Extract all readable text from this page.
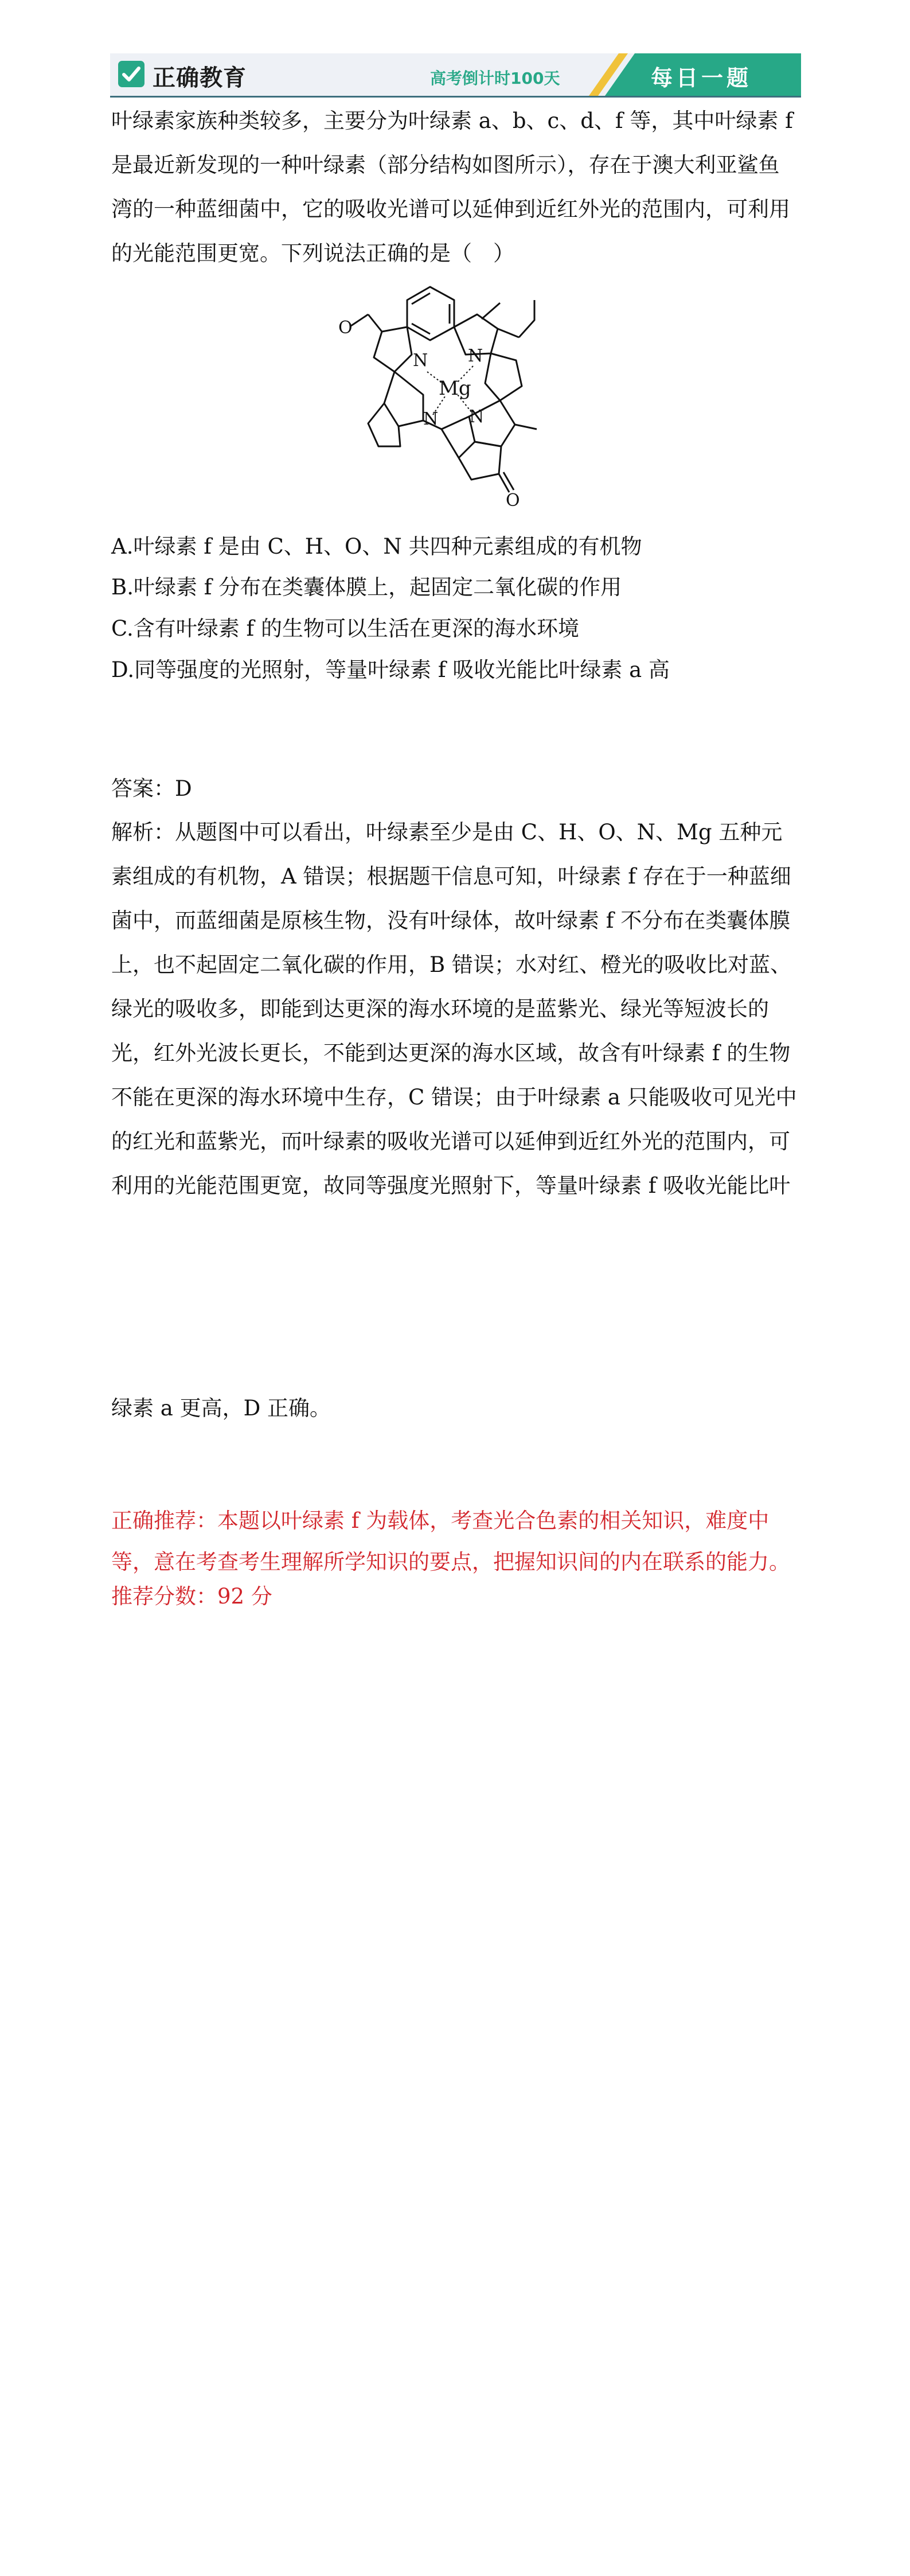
正确教育	高考倒计时100天	每日一题
叶绿素家族种类较多，主要分为叶绿素 a、b、c、d、f 等，其中叶绿素 f 是最近新发现的一种叶绿素（部分结构如图所示），存在于澳大利亚鲨鱼湾的一种蓝细菌中，它的吸收光谱可以延伸到近红外光的范围内，可利用的光能范围更宽。下列说法正确的是（　）
O
N N
Mg
N N
O
A.叶绿素 f 是由 C、H、O、N 共四种元素组成的有机物
B.叶绿素 f 分布在类囊体膜上，起固定二氧化碳的作用
C.含有叶绿素 f 的生物可以生活在更深的海水环境
D.同等强度的光照射，等量叶绿素 f 吸收光能比叶绿素 a 高
答案：D
解析：从题图中可以看出，叶绿素至少是由 C、H、O、N、Mg 五种元素组成的有机物，A 错误；根据题干信息可知，叶绿素 f 存在于一种蓝细菌中，而蓝细菌是原核生物，没有叶绿体，故叶绿素 f 不分布在类囊体膜上，也不起固定二氧化碳的作用，B 错误；水对红、橙光的吸收比对蓝、绿光的吸收多，即能到达更深的海水环境的是蓝紫光、绿光等短波长的光，红外光波长更长，不能到达更深的海水区域，故含有叶绿素 f 的生物不能在更深的海水环境中生存，C 错误；由于叶绿素 a 只能吸收可见光中的红光和蓝紫光，而叶绿素的吸收光谱可以延伸到近红外光的范围内，可利用的光能范围更宽，故同等强度光照射下，等量叶绿素 f 吸收光能比叶
绿素 a 更高，D 正确。
正确推荐：本题以叶绿素 f 为载体，考查光合色素的相关知识，难度中等，意在考查考生理解所学知识的要点，把握知识间的内在联系的能力。
推荐分数：92 分
